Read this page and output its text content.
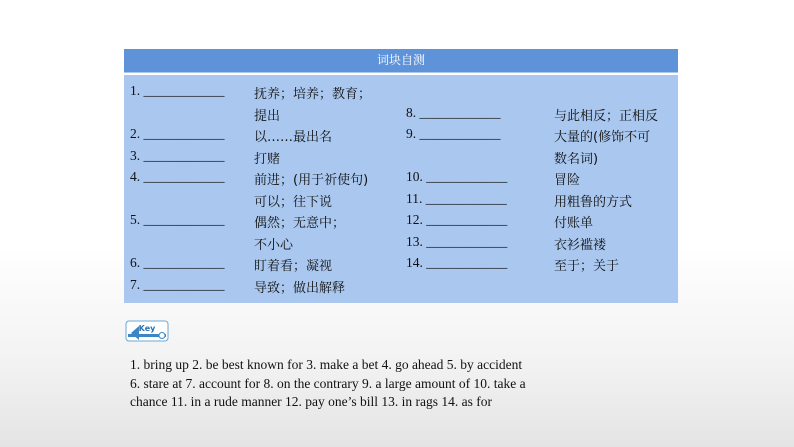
词块自测
1. ____________ 抚养；培养；教育；
提出	8. ____________	与此相反；正相反
2. ____________ 以……最出名	9. ____________	大量的(修饰不可
3. ____________ 打赌	数名词)
4. ____________ 前进；(用于祈使句)	10. ____________	冒险
可以；往下说	11. ____________	用粗鲁的方式
5. ____________ 偶然；无意中；	12. ____________	付账单
不小心	13. ____________	衣衫褴褛
6. ____________ 盯着看；凝视	14. ____________	至于；关于
7. ____________ 导致；做出解释
Key
1. bring up 2. be best known for 3. make a bet 4. go ahead 5. by accident
6. stare at 7. account for 8. on the contrary 9. a large amount of 10. take a
chance 11. in a rude manner 12. pay one’s bill 13. in rags 14. as for
